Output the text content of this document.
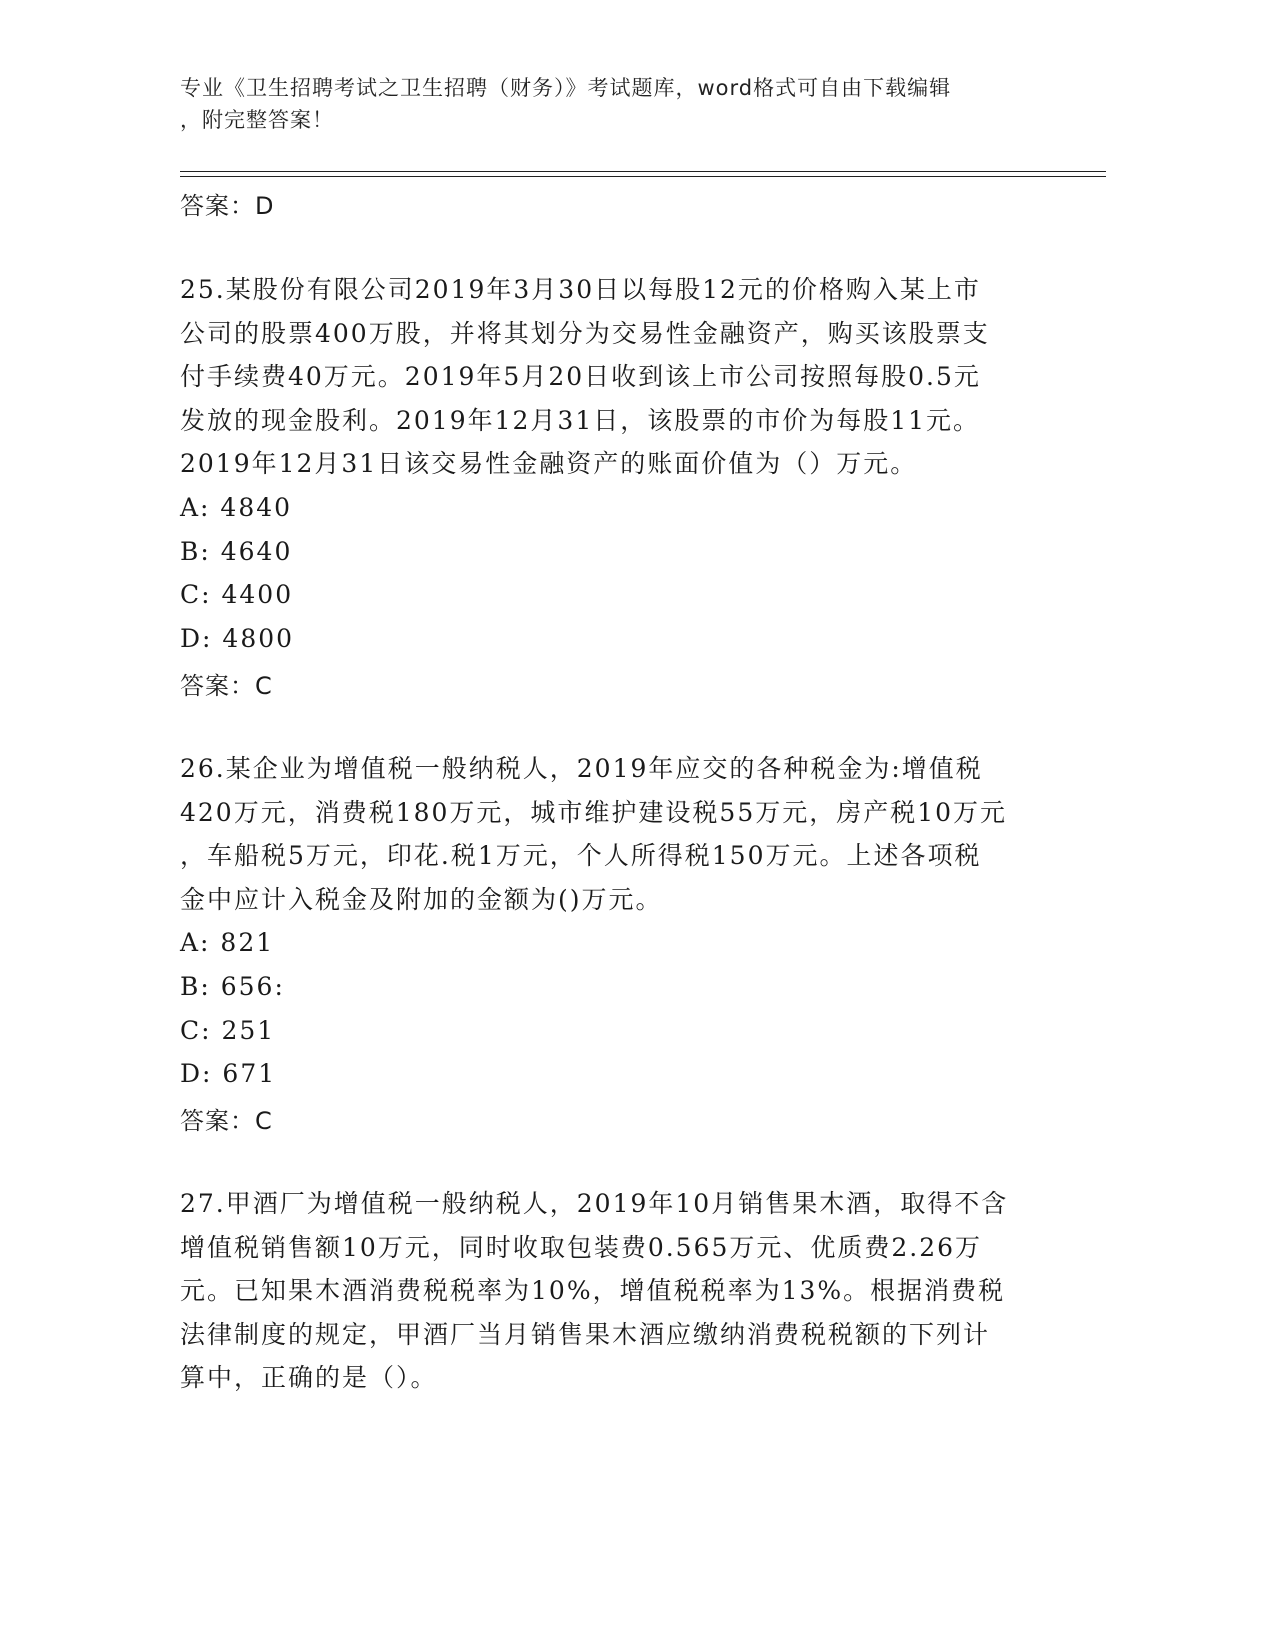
专业《卫生招聘考试之卫生招聘（财务）》考试题库，word格式可自由下载编辑

，附完整答案！

答案：D

25.某股份有限公司2019年3月30日以每股12元的价格购入某上市

公司的股票400万股，并将其划分为交易性金融资产，购买该股票支

付手续费40万元。2019年5月20日收到该上市公司按照每股0.5元

发放的现金股利。2019年12月31日，该股票的市价为每股11元。

2019年12月31日该交易性金融资产的账面价值为（）万元。

A: 4840
B: 4640
C: 4400
D: 4800
答案：C

26.某企业为增值税一般纳税人，2019年应交的各种税金为:增值税

420万元，消费税180万元，城市维护建设税55万元，房产税10万元

，车船税5万元，印花.税1万元，个人所得税150万元。上述各项税

金中应计入税金及附加的金额为()万元。

A: 821
B: 656:
C: 251
D: 671
答案：C

27.甲酒厂为增值税一般纳税人，2019年10月销售果木酒，取得不含

增值税销售额10万元，同时收取包装费0.565万元、优质费2.26万

元。已知果木酒消费税税率为10%，增值税税率为13%。根据消费税

法律制度的规定，甲酒厂当月销售果木酒应缴纳消费税税额的下列计

算中，正确的是（）。
